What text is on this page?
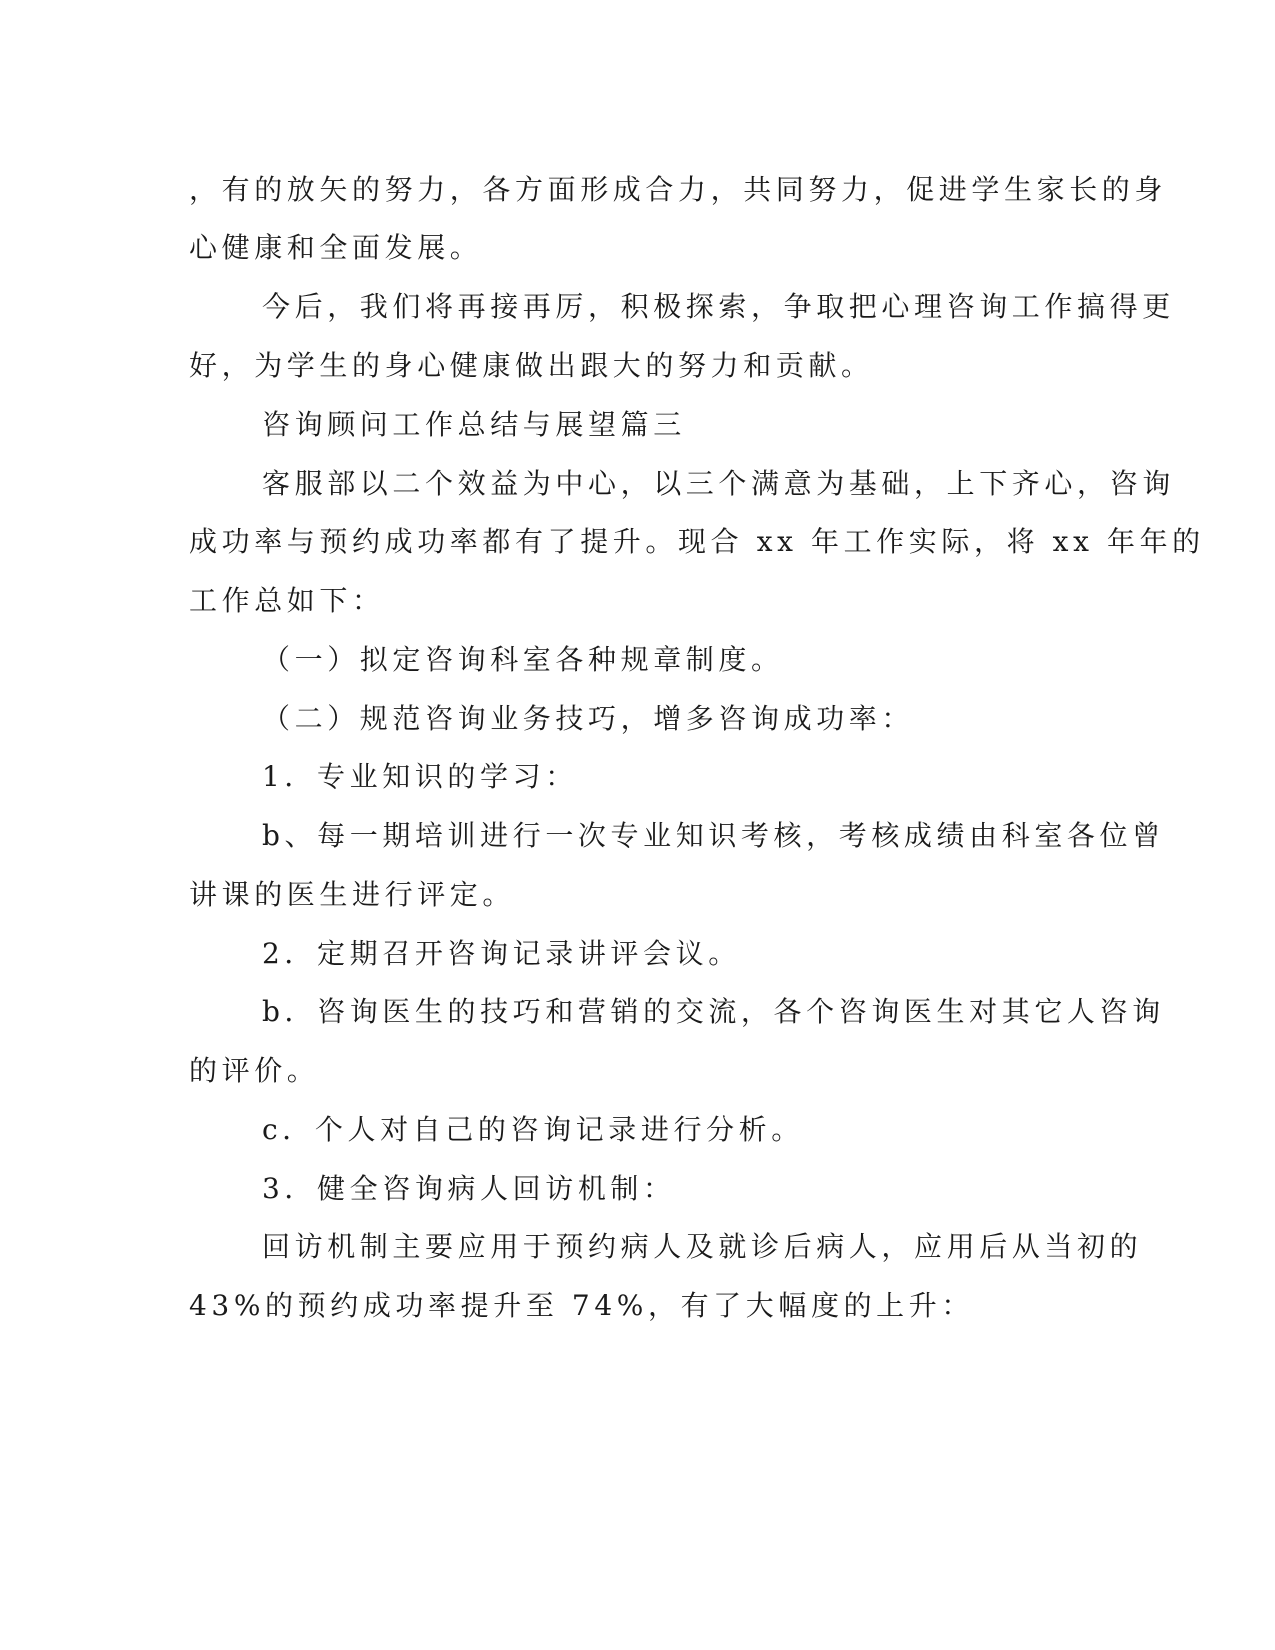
，有的放矢的努力，各方面形成合力，共同努力，促进学生家长的身
心健康和全面发展。
今后，我们将再接再厉，积极探索，争取把心理咨询工作搞得更
好，为学生的身心健康做出跟大的努力和贡献。
咨询顾问工作总结与展望篇三
客服部以二个效益为中心，以三个满意为基础，上下齐心，咨询
成功率与预约成功率都有了提升。现合 xx 年工作实际，将 xx 年年的
工作总如下：
（一）拟定咨询科室各种规章制度。
（二）规范咨询业务技巧，增多咨询成功率：
1．专业知识的学习：
b、每一期培训进行一次专业知识考核，考核成绩由科室各位曾
讲课的医生进行评定。
2．定期召开咨询记录讲评会议。
b．咨询医生的技巧和营销的交流，各个咨询医生对其它人咨询
的评价。
c．个人对自己的咨询记录进行分析。
3．健全咨询病人回访机制：
回访机制主要应用于预约病人及就诊后病人，应用后从当初的
43%的预约成功率提升至 74%，有了大幅度的上升：
